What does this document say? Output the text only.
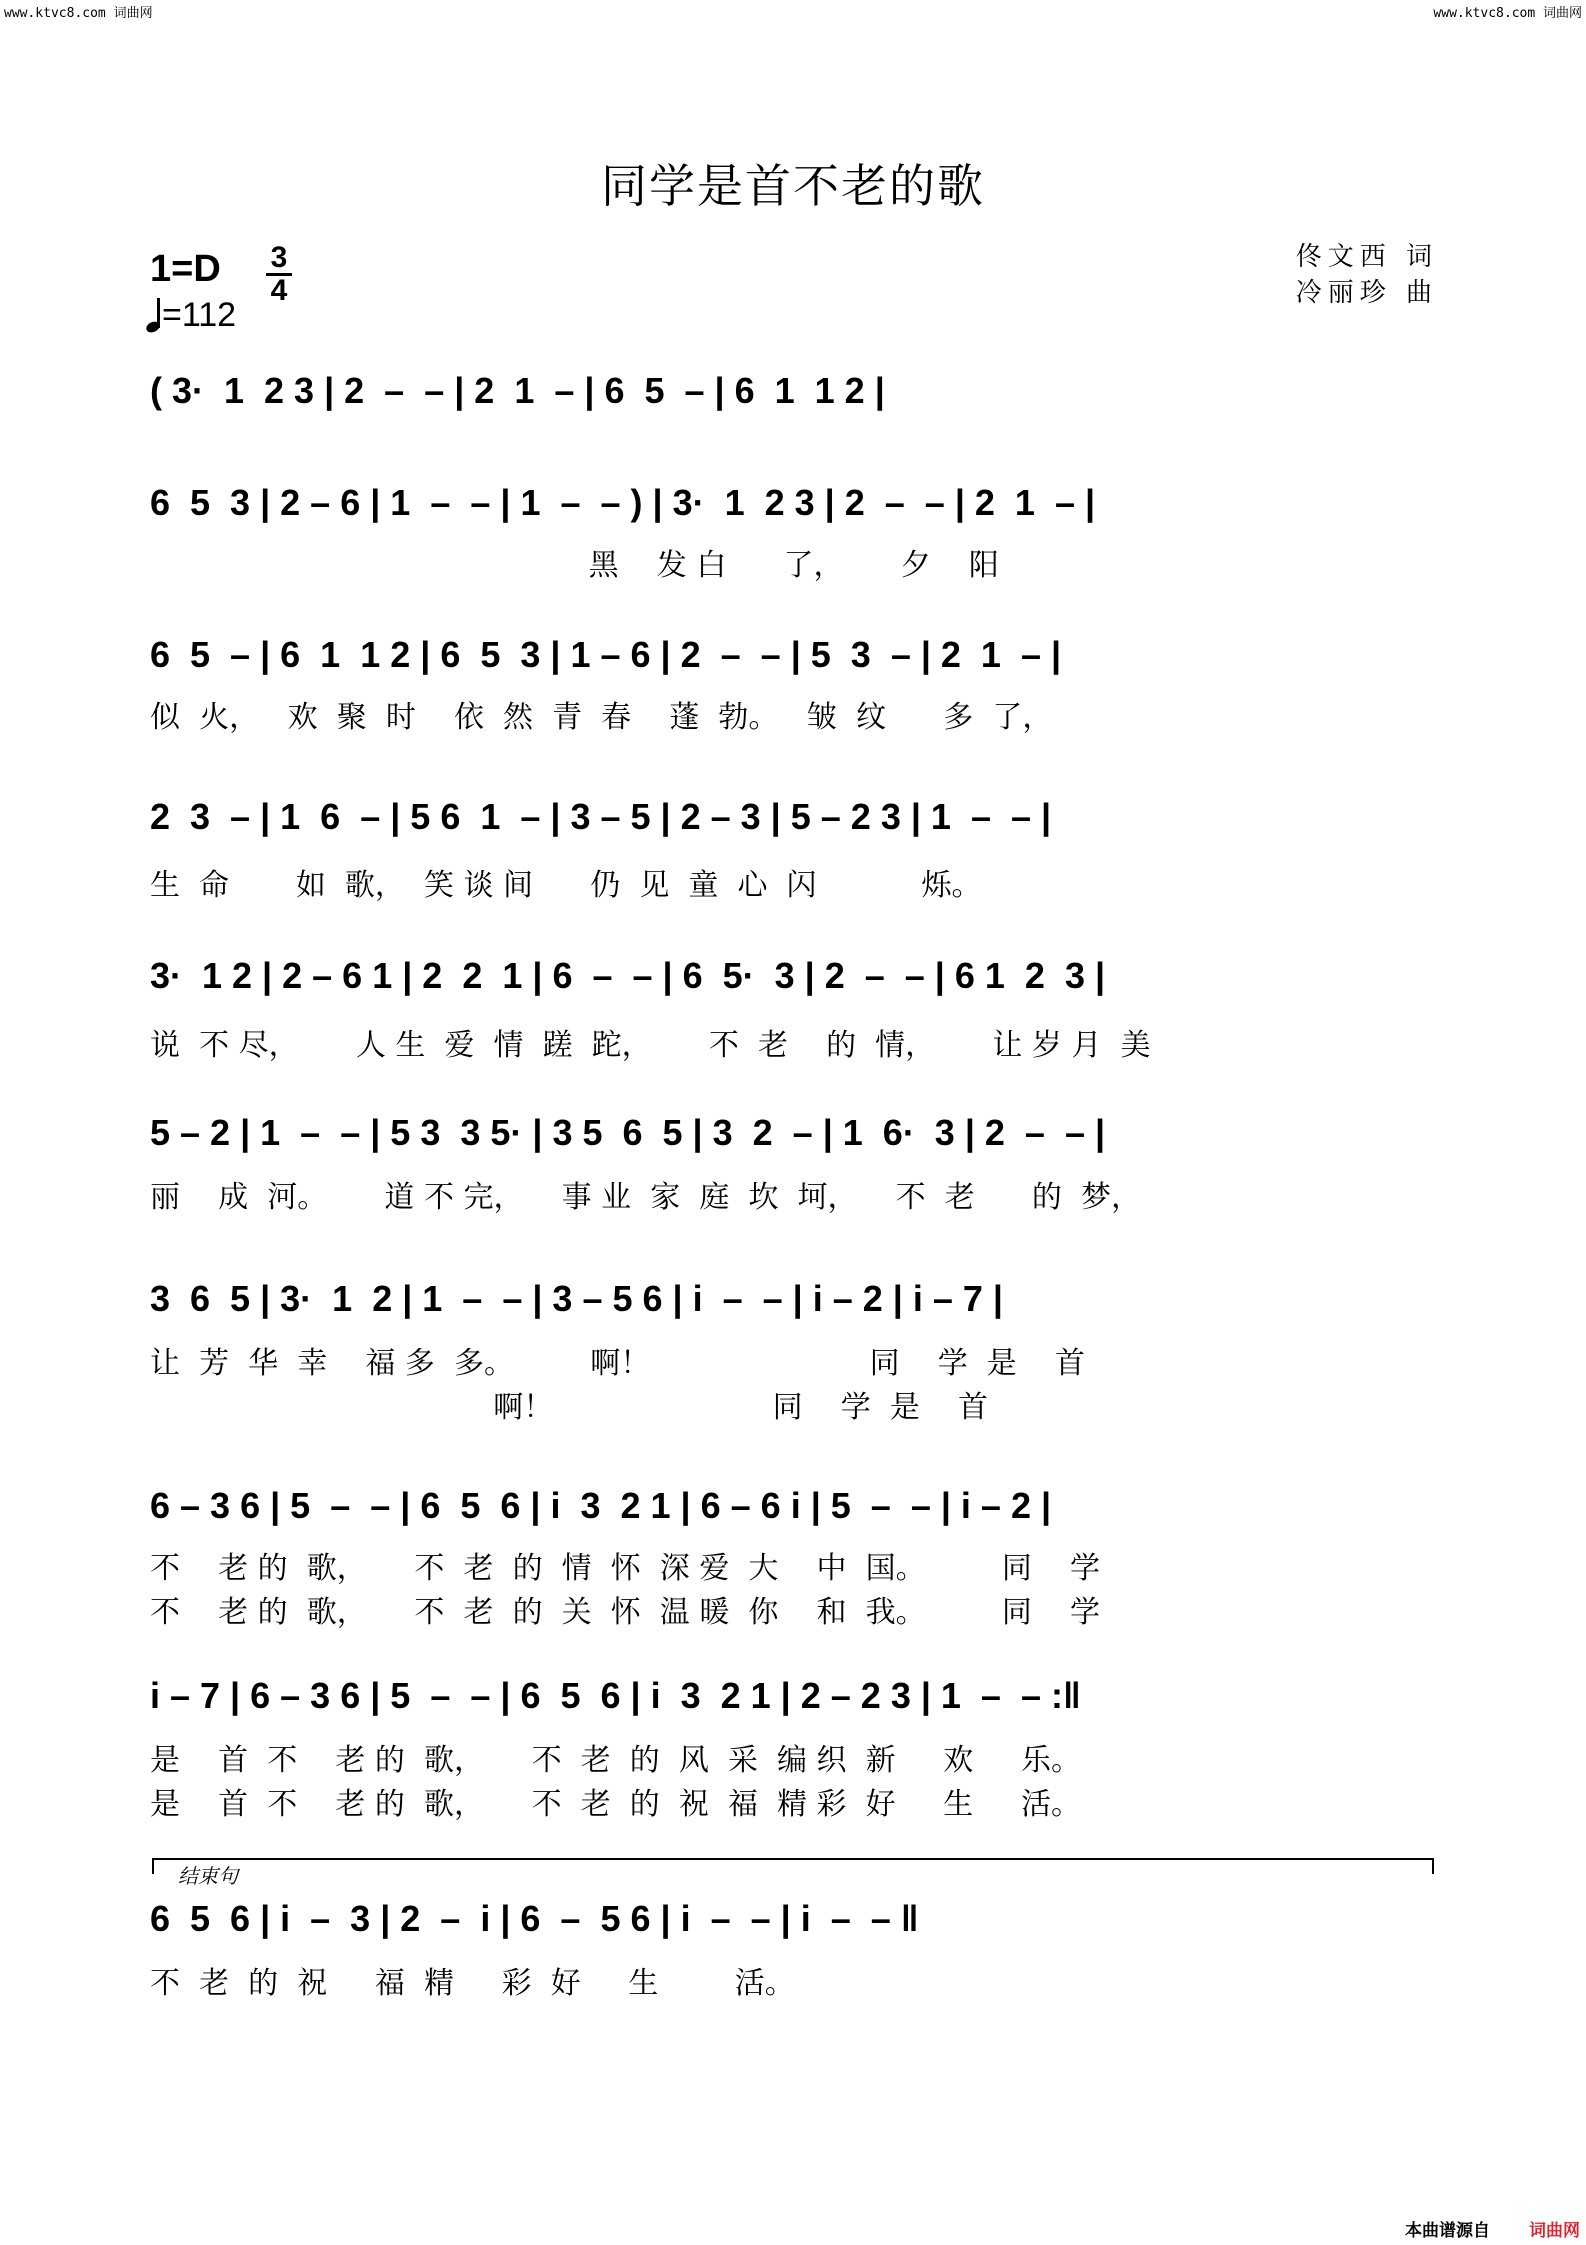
www.ktvc8.com 词曲网	www.ktvc8.com 词曲网
同学是首不老的歌
1=D 3
4
=112
佟文西 词
冷丽珍 曲
( 3·  1  2 3 | 2  –  – | 2  1  – | 6  5  – | 6  1  1 2 |
6  5  3 | 2 – 6 | 1  –  – | 1  –  – ) | 3·  1  2 3 | 2  –  – | 2  1  – |
黑    发 白      了，      夕    阳
6  5  – | 6  1  1 2 | 6  5  3 | 1 – 6 | 2  –  – | 5  3  – | 2  1  – |
似  火，   欢  聚  时    依  然  青  春    蓬  勃。   皱  纹      多  了，
2  3  – | 1  6  – | 5 6  1  – | 3 – 5 | 2 – 3 | 5 – 2 3 | 1  –  – |
生  命       如  歌，  笑 谈 间      仍  见  童  心  闪           烁。
3·  1 2 | 2 – 6 1 | 2  2  1 | 6  –  – | 6  5·  3 | 2  –  – | 6 1  2  3 |
说  不 尽，      人 生  爱  情  蹉  跎，      不  老    的  情，      让 岁 月  美
5 – 2 | 1  –  – | 5 3  3 5· | 3 5  6  5 | 3  2  – | 1  6·  3 | 2  –  – |
丽    成  河。      道 不 完，    事 业  家  庭  坎  坷，    不  老      的  梦，
3  6  5 | 3·  1  2 | 1  –  – | 3 – 5 6 | i  –  – | i – 2 | i – 7 |
让  芳  华  幸    福 多  多。        啊！                       同    学  是    首
啊！                       同    学  是    首
6 – 3 6 | 5  –  – | 6  5  6 | i  3  2 1 | 6 – 6 i | 5  –  – | i – 2 |
不    老 的  歌，     不  老  的  情  怀  深 爱  大    中  国。        同    学
不    老 的  歌，     不  老  的  关  怀  温 暖  你    和  我。        同    学
i – 7 | 6 – 3 6 | 5  –  – | 6  5  6 | i  3  2 1 | 2 – 2 3 | 1  –  – :‖
是    首  不    老 的  歌，     不  老  的  风  采  编 织  新     欢     乐。
是    首  不    老 的  歌，     不  老  的  祝  福  精 彩  好     生     活。
结束句
6  5  6 | i  –  3 | 2  –  i | 6  –  5 6 | i  –  – | i  –  – ‖
不  老  的  祝     福  精     彩  好     生        活。
本曲谱源自 词曲网
